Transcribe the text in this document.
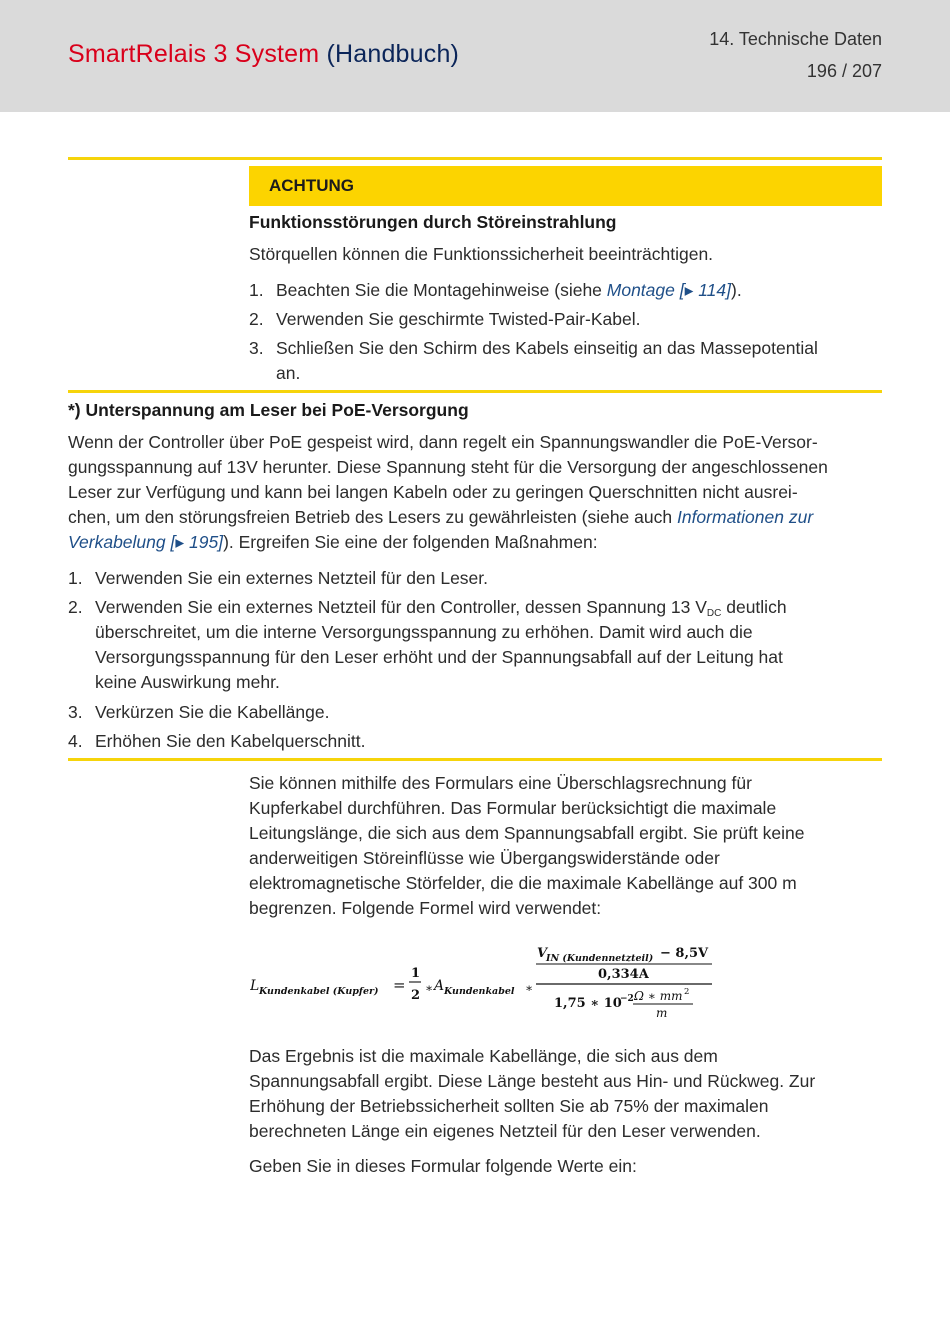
SmartRelais 3 System (Handbuch)
14. Technische Daten
196 / 207
ACHTUNG
Funktionsstörungen durch Störeinstrahlung
Störquellen können die Funktionssicherheit beeinträchtigen.
1. Beachten Sie die Montagehinweise (siehe Montage [▸ 114]).
2. Verwenden Sie geschirmte Twisted-Pair-Kabel.
3. Schließen Sie den Schirm des Kabels einseitig an das Massepotential
an.
*) Unterspannung am Leser bei PoE-Versorgung
Wenn der Controller über PoE gespeist wird, dann regelt ein Spannungswandler die PoE-Versor-
gungsspannung auf 13V herunter. Diese Spannung steht für die Versorgung der angeschlossenen
Leser zur Verfügung und kann bei langen Kabeln oder zu geringen Querschnitten nicht ausrei-
chen, um den störungsfreien Betrieb des Lesers zu gewährleisten (siehe auch Informationen zur
Verkabelung [▸ 195]). Ergreifen Sie eine der folgenden Maßnahmen:
1. Verwenden Sie ein externes Netzteil für den Leser.
2. Verwenden Sie ein externes Netzteil für den Controller, dessen Spannung 13 $V_{DC}$ deutlich
überschreitet, um die interne Versorgungsspannung zu erhöhen. Damit wird auch die
Versorgungsspannung für den Leser erhöht und der Spannungsabfall auf der Leitung hat
keine Auswirkung mehr.
3. Verkürzen Sie die Kabellänge.
4. Erhöhen Sie den Kabelquerschnitt.
Sie können mithilfe des Formulars eine Überschlagsrechnung für
Kupferkabel durchführen. Das Formular berücksichtigt die maximale
Leitungslänge, die sich aus dem Spannungsabfall ergibt. Sie prüft keine
anderweitigen Störeinflüsse wie Übergangswiderstände oder
elektromagnetische Störfelder, die die maximale Kabellänge auf 300 m
begrenzen. Folgende Formel wird verwendet:
L Kundenkabel (Kupfer) =
1
2 ∗ A Kundenkabel ∗
V
IN (Kundennetzteil) − 8,5V
0,334A
1,75 ∗ 10
−2 Ω ∗ mm 2
m
Das Ergebnis ist die maximale Kabellänge, die sich aus dem
Spannungsabfall ergibt. Diese Länge besteht aus Hin- und Rückweg. Zur
Erhöhung der Betriebssicherheit sollten Sie ab 75% der maximalen
berechneten Länge ein eigenes Netzteil für den Leser verwenden.
Geben Sie in dieses Formular folgende Werte ein:
